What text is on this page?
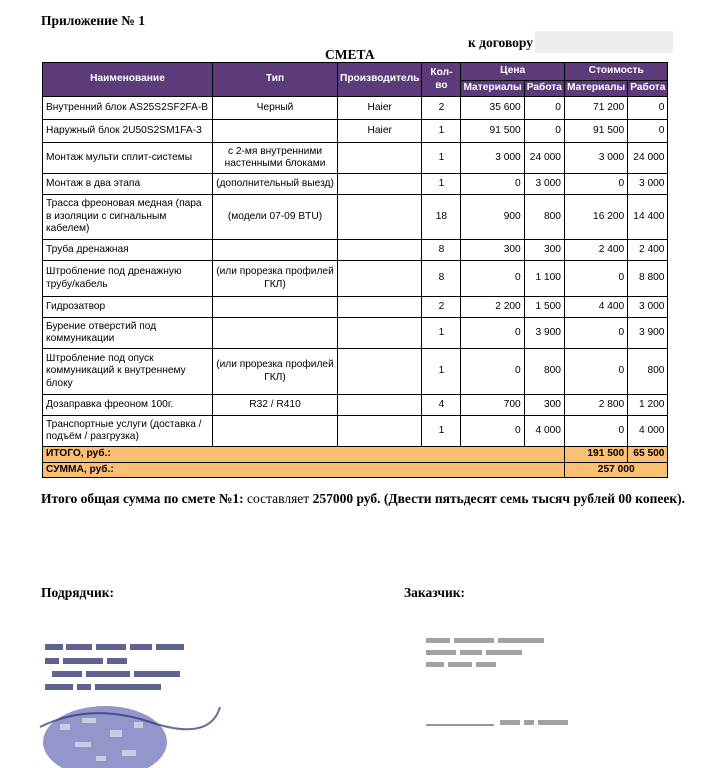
Приложение № 1
к договору
СМЕТА
Наименование	Тип	Производитель	Кол-во	Цена		Стоимость	
				Материалы	Работа	Материалы	Работа
Внутренний блок AS25S2SF2FA-B	Черный	Haier	2	35 600	0	71 200	0
Наружный блок 2U50S2SM1FA-3		Haier	1	91 500	0	91 500	0
Монтаж мульти сплит-системы	с 2-мя внутренними настенными блоками		1	3 000	24 000	3 000	24 000
Монтаж в два этапа	(дополнительный выезд)		1	0	3 000	0	3 000
Трасса фреоновая медная (пара в изоляции с сигнальным кабелем)	(модели 07-09 BTU)		18	900	800	16 200	14 400
Труба дренажная			8	300	300	2 400	2 400
Штробление под дренажную трубу/кабель	(или прорезка профилей ГКЛ)		8	0	1 100	0	8 800
Гидрозатвор			2	2 200	1 500	4 400	3 000
Бурение отверстий под коммуникации			1	0	3 900	0	3 900
Штробление под опуск коммуникаций к внутреннему блоку	(или прорезка профилей ГКЛ)		1	0	800	0	800
Дозаправка фреоном 100г.	R32 / R410		4	700	300	2 800	1 200
Транспортные услуги (доставка / подъём / разгрузка)			1	0	4 000	0	4 000
ИТОГО, руб.:						191 500	65 500
СУММА, руб.:						257 000	
Итого общая сумма по смете №1: составляет 257000 руб. (Двести пятьдесят семь тысяч рублей 00 копеек).
Подрядчик:	Заказчик:
